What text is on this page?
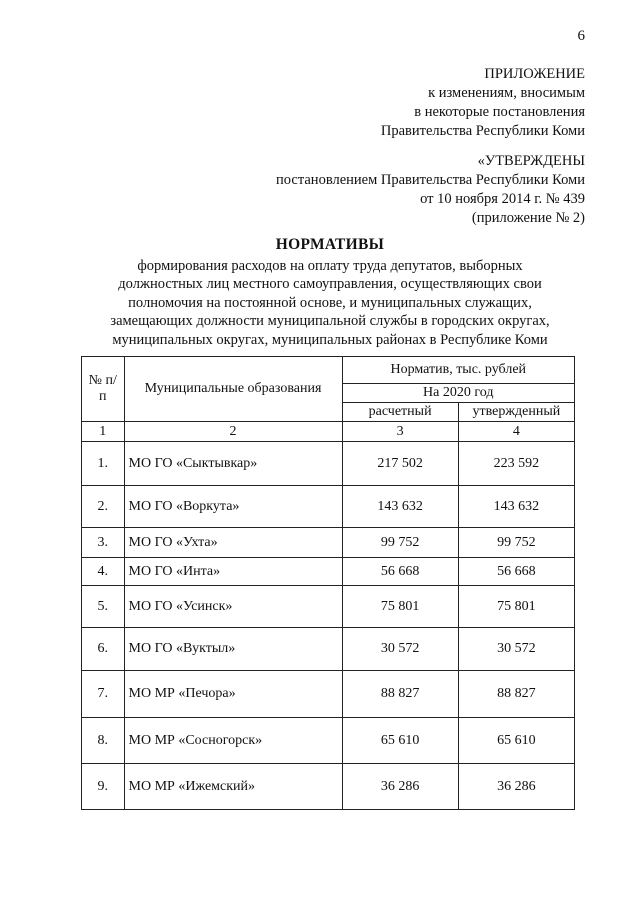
6
ПРИЛОЖЕНИЕ
к изменениям, вносимым
в некоторые постановления
Правительства Республики Коми
«УТВЕРЖДЕНЫ
постановлением Правительства Республики Коми
от 10 ноября 2014 г. № 439
(приложение № 2)
НОРМАТИВЫ
формирования расходов на оплату труда депутатов, выборных
должностных лиц местного самоуправления, осуществляющих свои
полномочия на постоянной основе, и муниципальных служащих,
замещающих должности муниципальной службы в городских округах,
муниципальных округах, муниципальных районах в Республике Коми
№ п/п	Муниципальные образования	Норматив, тыс. рублей	
		На 2020 год	
		расчетный	утвержденный
1	2	3	4
1.	МО ГО «Сыктывкар»	217 502	223 592
2.	МО ГО «Воркута»	143 632	143 632
3.	МО ГО «Ухта»	99 752	99 752
4.	МО ГО «Инта»	56 668	56 668
5.	МО ГО «Усинск»	75 801	75 801
6.	МО ГО «Вуктыл»	30 572	30 572
7.	МО МР «Печора»	88 827	88 827
8.	МО МР «Сосногорск»	65 610	65 610
9.	МО МР «Ижемский»	36 286	36 286
